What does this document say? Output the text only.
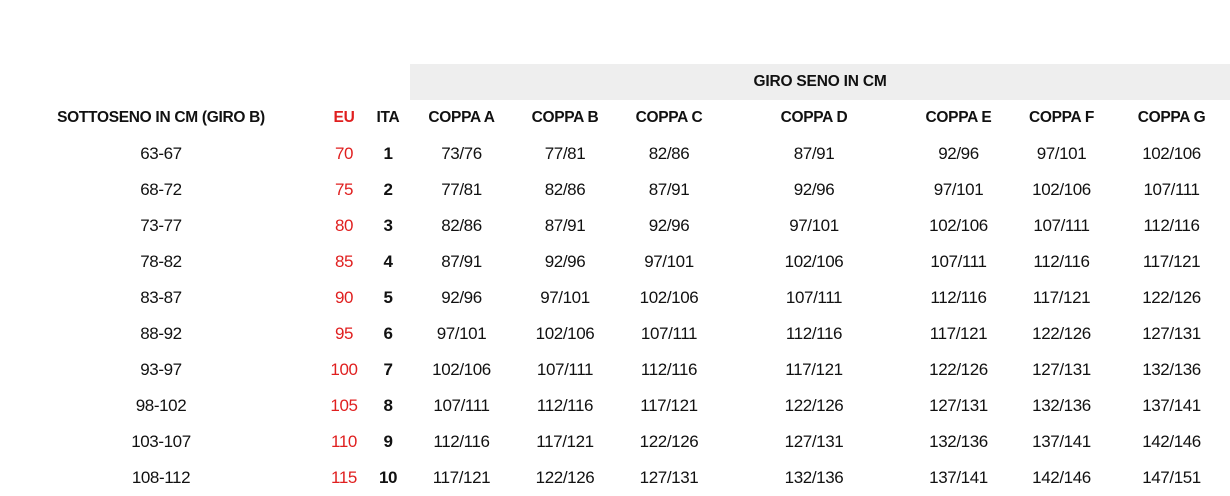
			GIRO SENO IN CM						
SOTTOSENO IN CM (GIRO B)	EU	ITA	COPPA A	COPPA B	COPPA C	COPPA D	COPPA E	COPPA F	COPPA G
63-67	70	1	73/76	77/81	82/86	87/91	92/96	97/101	102/106
68-72	75	2	77/81	82/86	87/91	92/96	97/101	102/106	107/111
73-77	80	3	82/86	87/91	92/96	97/101	102/106	107/111	112/116
78-82	85	4	87/91	92/96	97/101	102/106	107/111	112/116	117/121
83-87	90	5	92/96	97/101	102/106	107/111	112/116	117/121	122/126
88-92	95	6	97/101	102/106	107/111	112/116	117/121	122/126	127/131
93-97	100	7	102/106	107/111	112/116	117/121	122/126	127/131	132/136
98-102	105	8	107/111	112/116	117/121	122/126	127/131	132/136	137/141
103-107	110	9	112/116	117/121	122/126	127/131	132/136	137/141	142/146
108-112	115	10	117/121	122/126	127/131	132/136	137/141	142/146	147/151
